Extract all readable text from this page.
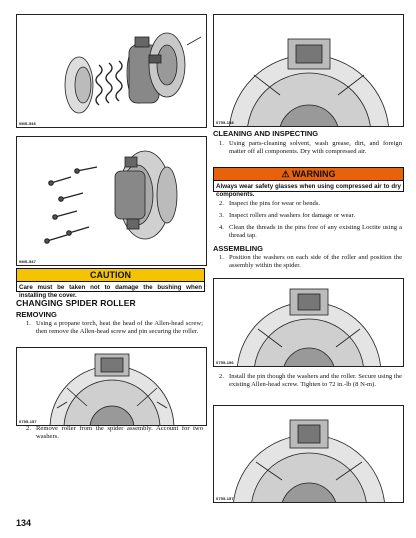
0MS-546
0MS-547
CAUTION
Care must be taken not to damage the bushing when installing the cover.
CHANGING SPIDER ROLLER
REMOVING
1. Using a propane torch, heat the head of the Allen-head screw; then remove the Allen-head screw and pin securing the roller.
0755-157
2. Remove roller from the spider assembly. Account for two washers.
0755-158
CLEANING AND INSPECTING
1. Using parts-cleaning solvent, wash grease, dirt, and foreign matter off all components. Dry with compressed air.
⚠ WARNING
Always wear safety glasses when using compressed air to dry components.
2. Inspect the pins for wear or bends.
3. Inspect rollers and washers for damage or wear.
4. Clean the threads in the pins free of any existing Loctite using a thread tap.
ASSEMBLING
1. Position the washers on each side of the roller and position the assembly within the spider.
0755-156
2. Install the pin though the washers and the roller. Secure using the existing Allen-head screw. Tighten to 72 in.-lb (8 N-m).
0755-157
134
